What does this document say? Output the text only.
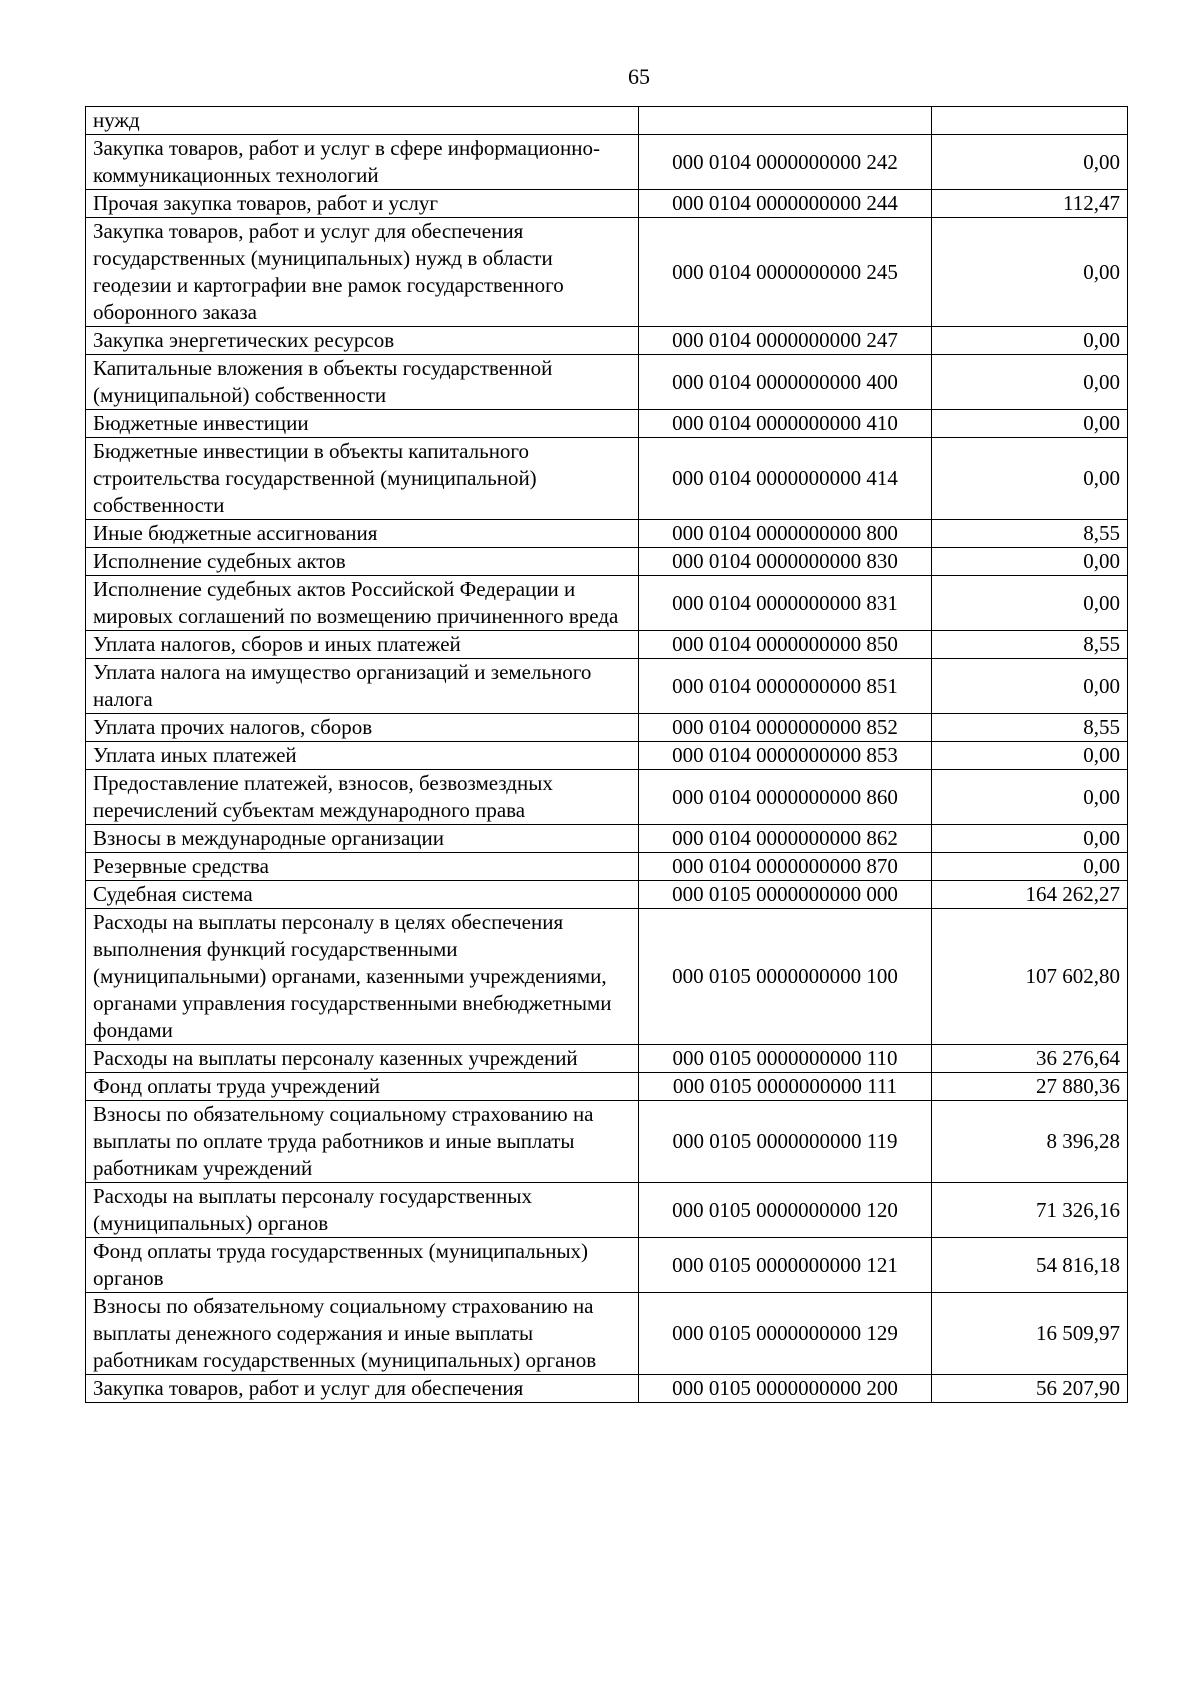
65
нужд		
Закупка товаров, работ и услуг в сфере информационно-коммуникационных технологий	000 0104 0000000000 242	0,00
Прочая закупка товаров, работ и услуг	000 0104 0000000000 244	112,47
Закупка товаров, работ и услуг для обеспечения государственных (муниципальных) нужд в области геодезии и картографии вне рамок государственного оборонного заказа	000 0104 0000000000 245	0,00
Закупка энергетических ресурсов	000 0104 0000000000 247	0,00
Капитальные вложения в объекты государственной (муниципальной) собственности	000 0104 0000000000 400	0,00
Бюджетные инвестиции	000 0104 0000000000 410	0,00
Бюджетные инвестиции в объекты капитального строительства государственной (муниципальной) собственности	000 0104 0000000000 414	0,00
Иные бюджетные ассигнования	000 0104 0000000000 800	8,55
Исполнение судебных актов	000 0104 0000000000 830	0,00
Исполнение судебных актов Российской Федерации и мировых соглашений по возмещению причиненного вреда	000 0104 0000000000 831	0,00
Уплата налогов, сборов и иных платежей	000 0104 0000000000 850	8,55
Уплата налога на имущество организаций и земельного налога	000 0104 0000000000 851	0,00
Уплата прочих налогов, сборов	000 0104 0000000000 852	8,55
Уплата иных платежей	000 0104 0000000000 853	0,00
Предоставление платежей, взносов, безвозмездных перечислений субъектам международного права	000 0104 0000000000 860	0,00
Взносы в международные организации	000 0104 0000000000 862	0,00
Резервные средства	000 0104 0000000000 870	0,00
Судебная система	000 0105 0000000000 000	164 262,27
Расходы на выплаты персоналу в целях обеспечения выполнения функций государственными (муниципальными) органами, казенными учреждениями, органами управления государственными внебюджетными фондами	000 0105 0000000000 100	107 602,80
Расходы на выплаты персоналу казенных учреждений	000 0105 0000000000 110	36 276,64
Фонд оплаты труда учреждений	000 0105 0000000000 111	27 880,36
Взносы по обязательному социальному страхованию на выплаты по оплате труда работников и иные выплаты работникам учреждений	000 0105 0000000000 119	8 396,28
Расходы на выплаты персоналу государственных (муниципальных) органов	000 0105 0000000000 120	71 326,16
Фонд оплаты труда государственных (муниципальных) органов	000 0105 0000000000 121	54 816,18
Взносы по обязательному социальному страхованию на выплаты денежного содержания и иные выплаты работникам государственных (муниципальных) органов	000 0105 0000000000 129	16 509,97
Закупка товаров, работ и услуг для обеспечения	000 0105 0000000000 200	56 207,90
